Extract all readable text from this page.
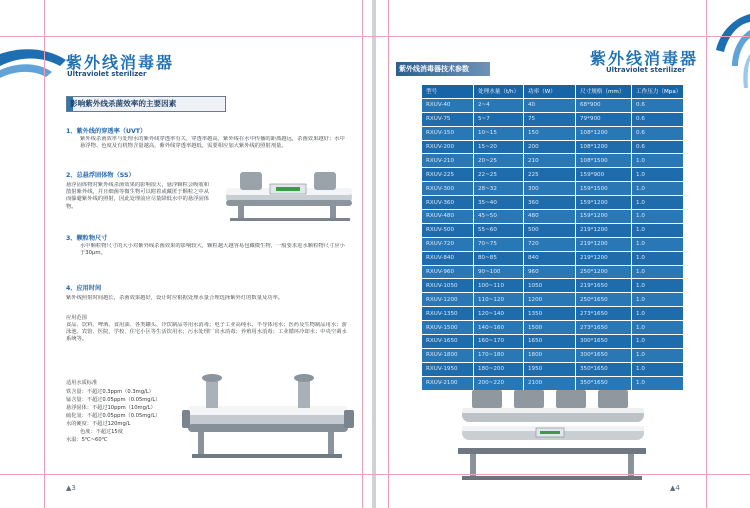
紫外线消毒器
Ultraviolet sterilizer
影响紫外线杀菌效率的主要因素
1、紫外线的穿透率（UVT）
紫外线杀菌效率与处理水的紫外线穿透率有关，穿透率越高，紫外线在水中传播的距离越远，杀菌效果越好；水中悬浮物、色度及有机物含量越高，紫外线穿透率越低，需要相应加大紫外线的照射剂量。
2、总悬浮固体物（SS）
悬浮固体物对紫外线杀菌效果的影响很大，悬浮颗粒会吸收和散射紫外线，并且细菌等微生物可以附着或藏匿于颗粒之中从而躲避紫外线的照射，因此处理前应尽量降低水中的悬浮固体物。
3、颗粒物尺寸
水中颗粒物尺寸的大小对紫外线杀菌效果的影响较大，颗粒越大越容易包藏微生物，一般要求进水颗粒物尺寸应小于30μm。
4、应用时间
紫外线照射时间越长，杀菌效果越好，设计时应根据处理水量合理选择紫外灯的数量及功率。
应用范围
食品、饮料、啤酒、食用油、各类罐头、冷饮制品等用水消毒；电子工业高纯水、半导体用水；医药及生物制品用水；游泳池、宾馆、医院、学校、住宅小区等生活饮用水；污水处理厂出水消毒；养殖用水消毒；工业循环冷却水；中央空调水系统等。
适用水质标准
铁含量：不超过0.3ppm（0.3mg/L）
锰含量：不超过0.05ppm（0.05mg/L）
悬浮固体：不超过10ppm（10mg/L）
硫化氢：不超过0.05ppm（0.05mg/L）
水的硬度：不超过120mg/L
色度：不超过15度
水温：5℃~60℃
▲3
紫外线消毒器
Ultraviolet sterilizer
▲4
紫外线消毒器技术参数
型号	处理水量（t/h）	功率（W）	尺寸规格（mm）	工作压力（Mpa）
RXUV-40	2~4	40	68*900	0.6
RXUV-75	5~7	75	79*900	0.6
RXUV-150	10~15	150	108*1200	0.6
RXUV-200	15~20	200	108*1200	0.6
RXUV-210	20~25	210	108*1500	1.0
RXUV-225	22~25	225	159*900	1.0
RXUV-300	28~32	300	159*1500	1.0
RXUV-360	35~40	360	159*1200	1.0
RXUV-480	45~50	480	159*1200	1.0
RXUV-500	55~60	500	219*1200	1.0
RXUV-720	70~75	720	219*1200	1.0
RXUV-840	80~85	840	219*1200	1.0
RXUV-960	90~100	960	250*1200	1.0
RXUV-1050	100~110	1050	219*1650	1.0
RXUV-1200	110~120	1200	250*1650	1.0
RXUV-1350	120~140	1350	273*1650	1.0
RXUV-1500	140~160	1500	273*1650	1.0
RXUV-1650	160~170	1650	300*1650	1.0
RXUV-1800	170~180	1800	300*1650	1.0
RXUV-1950	180~200	1950	350*1650	1.0
RXUV-2100	200~220	2100	350*1650	1.0
